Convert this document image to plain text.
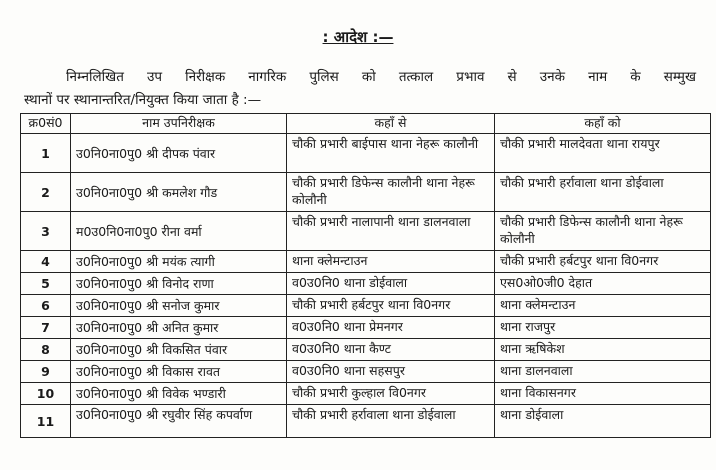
: आदेश :—
निम्नलिखित उप निरीक्षक नागरिक पुलिस को तत्काल प्रभाव से उनके नाम के सम्मुख
स्थानों पर स्थानान्तरित/नियुक्त किया जाता है :—
क्र0सं0	नाम उपनिरीक्षक	कहाँ से	कहाँ को
1	उ0नि0ना0पु0 श्री दीपक पंवार	चौकी प्रभारी बाईपास थाना नेहरू कालौनी	चौकी प्रभारी मालदेवता थाना रायपुर
2	उ0नि0ना0पु0 श्री कमलेश गौड	चौकी प्रभारी डिफेन्स कालौनी थाना नेहरू कोलौनी	चौकी प्रभारी हर्रावाला थाना डोईवाला
3	म0उ0नि0ना0पु0 रीना वर्मा	चौकी प्रभारी नालापानी थाना डालनवाला	चौकी प्रभारी डिफेन्स कालौनी थाना नेहरू कोलौनी
4	उ0नि0ना0पु0 श्री मयंक त्यागी	थाना क्लेमन्टाउन	चौकी प्रभारी हर्बटपुर थाना वि0नगर
5	उ0नि0ना0पु0 श्री विनोद राणा	व0उ0नि0 थाना डोईवाला	एस0ओ0जी0 देहात
6	उ0नि0ना0पु0 श्री सनोज कुमार	चौकी प्रभारी हर्बटपुर थाना वि0नगर	थाना क्लेमन्टाउन
7	उ0नि0ना0पु0 श्री अनित कुमार	व0उ0नि0 थाना प्रेमनगर	थाना राजपुर
8	उ0नि0ना0पु0 श्री विकसित पंवार	व0उ0नि0 थाना कैण्ट	थाना ऋषिकेश
9	उ0नि0ना0पु0 श्री विकास रावत	व0उ0नि0 थाना सहसपुर	थाना डालनवाला
10	उ0नि0ना0पु0 श्री विवेक भण्डारी	चौकी प्रभारी कुल्हाल वि0नगर	थाना विकासनगर
11	उ0नि0ना0पु0 श्री रघुवीर सिंह कपर्वाण	चौकी प्रभारी हर्रावाला थाना डोईवाला	थाना डोईवाला
